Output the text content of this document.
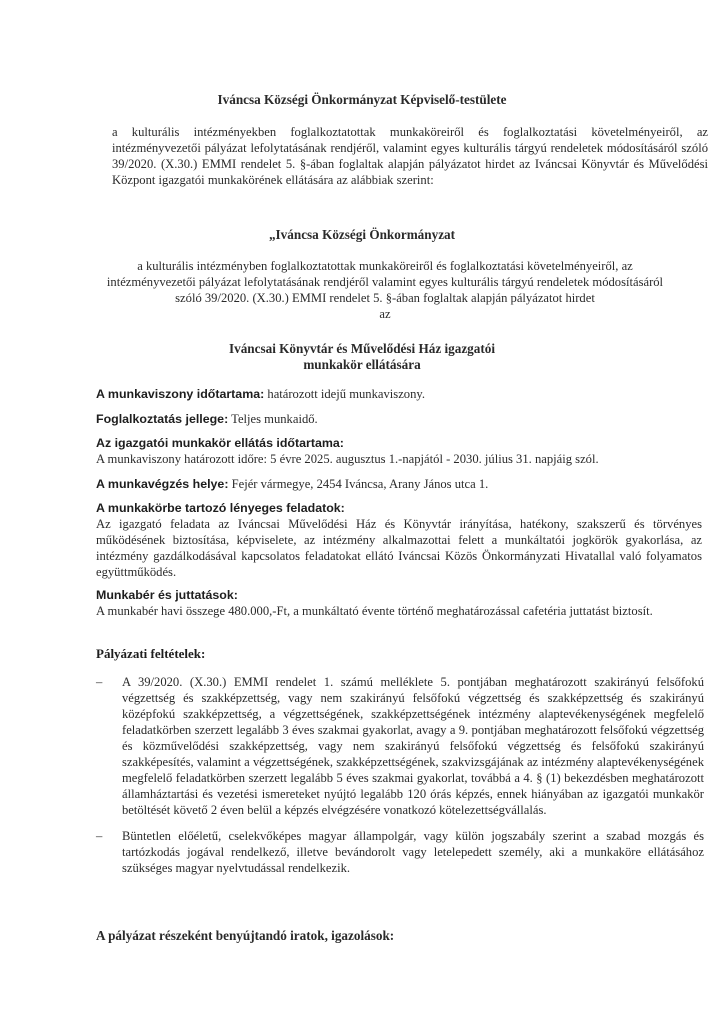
Iváncsa Községi Önkormányzat Képviselő-testülete
a kulturális intézményekben foglalkoztatottak munkaköreiről és foglalkoztatási követelményeiről, az intézményvezetői pályázat lefolytatásának rendjéről, valamint egyes kulturális tárgyú rendeletek módosításáról szóló 39/2020. (X.30.) EMMI rendelet 5. §-ában foglaltak alapján pályázatot hirdet az Iváncsai Könyvtár és Művelődési Központ igazgatói munkakörének ellátására az alábbiak szerint:
„Iváncsa Községi Önkormányzat
a kulturális intézményben foglalkoztatottak munkaköreiről és foglalkoztatási követelményeiről, az intézményvezetői pályázat lefolytatásának rendjéről valamint egyes kulturális tárgyú rendeletek módosításáról szóló 39/2020. (X.30.) EMMI rendelet 5. §-ában foglaltak alapján pályázatot hirdet
az
Iváncsai Könyvtár és Művelődési Ház igazgatói
munkakör ellátására
A munkaviszony időtartama: határozott idejű munkaviszony.
Foglalkoztatás jellege: Teljes munkaidő.
Az igazgatói munkakör ellátás időtartama:
A munkaviszony határozott időre: 5 évre 2025. augusztus 1.-napjától - 2030. július 31. napjáig szól.
A munkavégzés helye: Fejér vármegye, 2454 Iváncsa, Arany János utca 1.
A munkakörbe tartozó lényeges feladatok:
Az igazgató feladata az Iváncsai Művelődési Ház és Könyvtár irányítása, hatékony, szakszerű és törvényes működésének biztosítása, képviselete, az intézmény alkalmazottai felett a munkáltatói jogkörök gyakorlása, az intézmény gazdálkodásával kapcsolatos feladatokat ellátó Iváncsai Közös Önkormányzati Hivatallal való folyamatos együttműködés.
Munkabér és juttatások:
A munkabér havi összege 480.000,-Ft, a munkáltató évente történő meghatározással cafetéria juttatást biztosít.
Pályázati feltételek:
– A 39/2020. (X.30.) EMMI rendelet 1. számú melléklete 5. pontjában meghatározott szakirányú felsőfokú végzettség és szakképzettség, vagy nem szakirányú felsőfokú végzettség és szakképzettség és szakirányú középfokú szakképzettség, a végzettségének, szakképzettségének intézmény alaptevékenységének megfelelő feladatkörben szerzett legalább 3 éves szakmai gyakorlat, avagy a 9. pontjában meghatározott felsőfokú végzettség és közművelődési szakképzettség, vagy nem szakirányú felsőfokú végzettség és felsőfokú szakirányú szakképesítés, valamint a végzettségének, szakképzettségének, szakvizsgájának az intézmény alaptevékenységének megfelelő feladatkörben szerzett legalább 5 éves szakmai gyakorlat, továbbá a 4. § (1) bekezdésben meghatározott államháztartási és vezetési ismereteket nyújtó legalább 120 órás képzés, ennek hiányában az igazgatói munkakör betöltését követő 2 éven belül a képzés elvégzésére vonatkozó kötelezettségvállalás.
– Büntetlen előéletű, cselekvőképes magyar állampolgár, vagy külön jogszabály szerint a szabad mozgás és tartózkodás jogával rendelkező, illetve bevándorolt vagy letelepedett személy, aki a munkaköre ellátásához szükséges magyar nyelvtudással rendelkezik.
A pályázat részeként benyújtandó iratok, igazolások:
